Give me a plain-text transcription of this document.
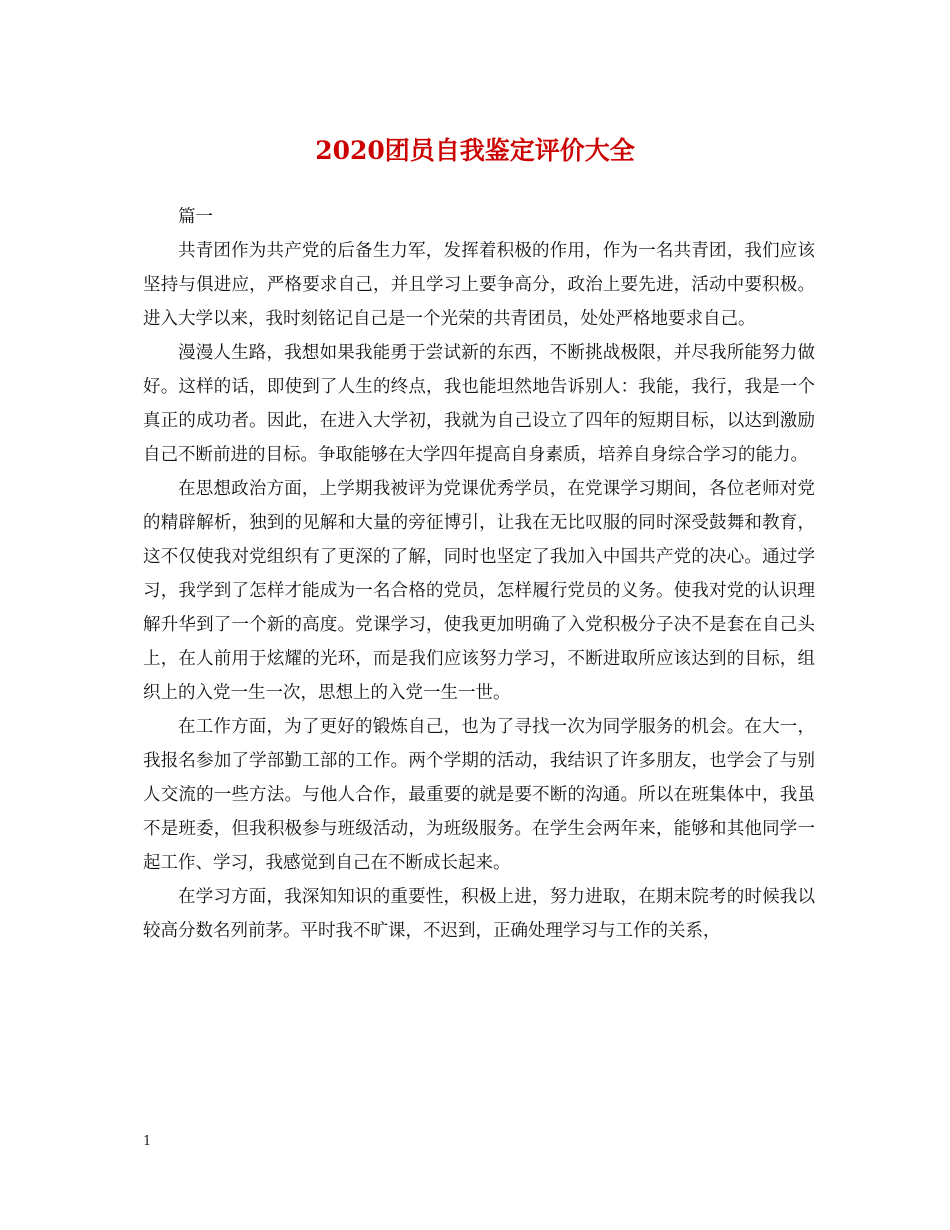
2020团员自我鉴定评价大全

篇一

共青团作为共产党的后备生力军，发挥着积极的作用，作为一名共青团，我们应该坚持与俱进应，严格要求自己，并且学习上要争高分，政治上要先进，活动中要积极。进入大学以来，我时刻铭记自己是一个光荣的共青团员，处处严格地要求自己。

漫漫人生路，我想如果我能勇于尝试新的东西，不断挑战极限，并尽我所能努力做好。这样的话，即使到了人生的终点，我也能坦然地告诉别人：我能，我行，我是一个真正的成功者。因此，在进入大学初，我就为自己设立了四年的短期目标，以达到激励自己不断前进的目标。争取能够在大学四年提高自身素质，培养自身综合学习的能力。

在思想政治方面，上学期我被评为党课优秀学员，在党课学习期间，各位老师对党的精辟解析，独到的见解和大量的旁征博引，让我在无比叹服的同时深受鼓舞和教育，这不仅使我对党组织有了更深的了解，同时也坚定了我加入中国共产党的决心。通过学习，我学到了怎样才能成为一名合格的党员，怎样履行党员的义务。使我对党的认识理解升华到了一个新的高度。党课学习，使我更加明确了入党积极分子决不是套在自己头上，在人前用于炫耀的光环，而是我们应该努力学习，不断进取所应该达到的目标，组织上的入党一生一次，思想上的入党一生一世。

在工作方面，为了更好的锻炼自己，也为了寻找一次为同学服务的机会。在大一，我报名参加了学部勤工部的工作。两个学期的活动，我结识了许多朋友，也学会了与别人交流的一些方法。与他人合作，最重要的就是要不断的沟通。所以在班集体中，我虽不是班委，但我积极参与班级活动，为班级服务。在学生会两年来，能够和其他同学一起工作、学习，我感觉到自己在不断成长起来。

在学习方面，我深知知识的重要性，积极上进，努力进取，在期末院考的时候我以较高分数名列前茅。平时我不旷课，不迟到，正确处理学习与工作的关系，

1
